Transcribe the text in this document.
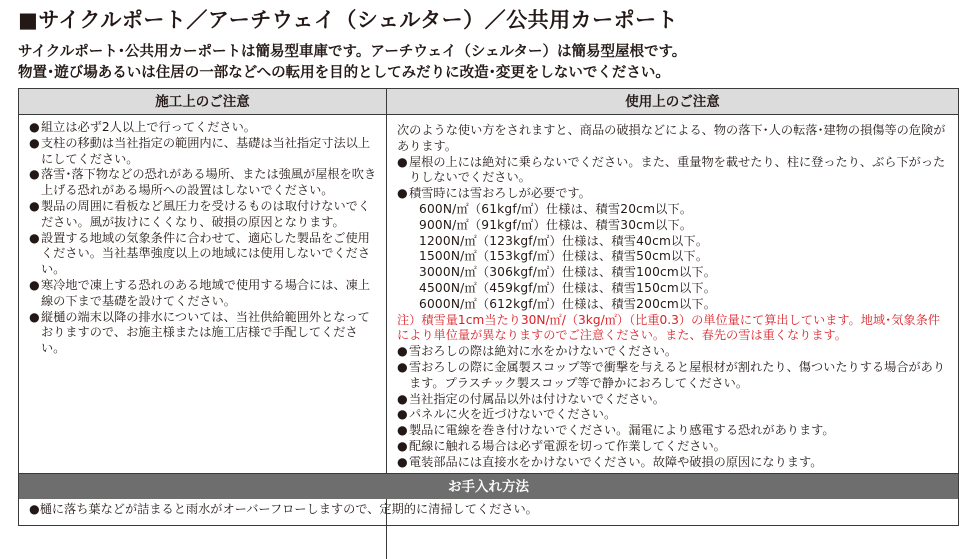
■サイクルポート／アーチウェイ（シェルター）／公共用カーポート
サイクルポート･公共用カーポートは簡易型車庫です。アーチウェイ（シェルター）は簡易型屋根です。
物置･遊び場あるいは住居の一部などへの転用を目的としてみだりに改造･変更をしないでください。
施工上のご注意	使用上のご注意
● 組立は必ず2人以上で行ってください。
● 支柱の移動は当社指定の範囲内に、基礎は当社指定寸法以上にしてください。
● 落雪･落下物などの恐れがある場所、または強風が屋根を吹き上げる恐れがある場所への設置はしないでください。
● 製品の周囲に看板など風圧力を受けるものは取付けないでください。風が抜けにくくなり、破損の原因となります。
● 設置する地域の気象条件に合わせて、適応した製品をご使用ください。当社基準強度以上の地域には使用しないでください。
● 寒冷地で凍上する恐れのある地域で使用する場合には、凍上線の下まで基礎を設けてください。
● 縦樋の端末以降の排水については、当社供給範囲外となっておりますので、お施主様または施工店様で手配してください。

次のような使い方をされますと、商品の破損などによる、物の落下･人の転落･建物の損傷等の危険があります。

● 屋根の上には絶対に乗らないでください。また、重量物を載せたり、柱に登ったり、ぶら下がったりしないでください。
● 積雪時には雪おろしが必要です。

600N/㎡（61kgf/㎡）仕様は、積雪20cm以下。

900N/㎡（91kgf/㎡）仕様は、積雪30cm以下。

1200N/㎡（123kgf/㎡）仕様は、積雪40cm以下。

1500N/㎡（153kgf/㎡）仕様は、積雪50cm以下。

3000N/㎡（306kgf/㎡）仕様は、積雪100cm以下。

4500N/㎡（459kgf/㎡）仕様は、積雪150cm以下。

6000N/㎡（612kgf/㎡）仕様は、積雪200cm以下。

注）積雪量1cm当たり30N/㎡/（3kg/㎡）（比重0.3）の単位量にて算出しています。地域･気象条件により単位量が異なりますのでご注意ください。また、春先の雪は重くなります。

● 雪おろしの際は絶対に水をかけないでください。
● 雪おろしの際に金属製スコップ等で衝撃を与えると屋根材が割れたり、傷ついたりする場合があります。プラスチック製スコップ等で静かにおろしてください。
● 当社指定の付属品以外は付けないでください。
● パネルに火を近づけないでください。
● 製品に電線を巻き付けないでください。漏電により感電する恐れがあります。
● 配線に触れる場合は必ず電源を切って作業してください。
● 電装部品には直接水をかけないでください。故障や破損の原因になります。
お手入れ方法
●樋に落ち葉などが詰まると雨水がオーバーフローしますので、定期的に清掃してください。
